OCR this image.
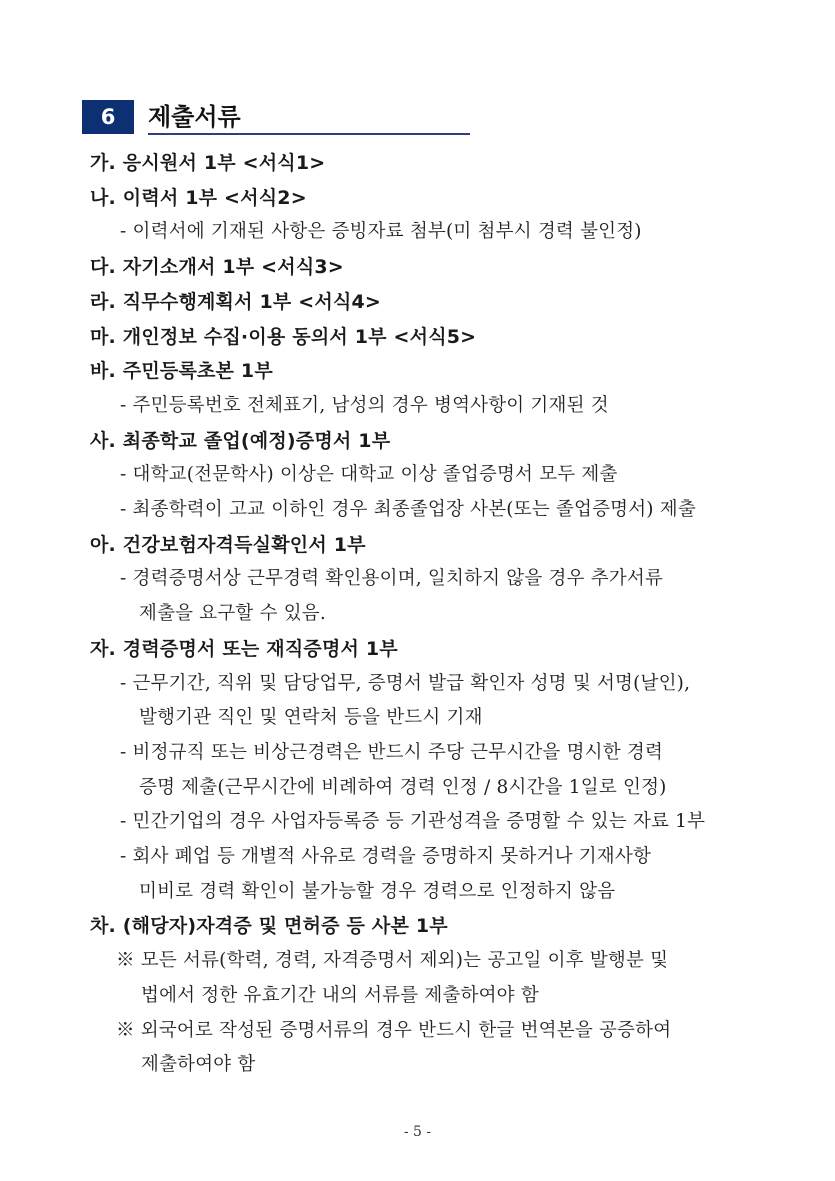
6	제출서류
가. 응시원서 1부 <서식1>
나. 이력서 1부 <서식2>
- 이력서에 기재된 사항은 증빙자료 첨부(미 첨부시 경력 불인정)
다. 자기소개서 1부 <서식3>
라. 직무수행계획서 1부 <서식4>
마. 개인정보 수집·이용 동의서 1부 <서식5>
바. 주민등록초본 1부
- 주민등록번호 전체표기, 남성의 경우 병역사항이 기재된 것
사. 최종학교 졸업(예정)증명서 1부
- 대학교(전문학사) 이상은 대학교 이상 졸업증명서 모두 제출
- 최종학력이 고교 이하인 경우 최종졸업장 사본(또는 졸업증명서) 제출
아. 건강보험자격득실확인서 1부
- 경력증명서상 근무경력 확인용이며, 일치하지 않을 경우 추가서류
제출을 요구할 수 있음.
자. 경력증명서 또는 재직증명서 1부
- 근무기간, 직위 및 담당업무, 증명서 발급 확인자 성명 및 서명(날인),
발행기관 직인 및 연락처 등을 반드시 기재
- 비정규직 또는 비상근경력은 반드시 주당 근무시간을 명시한 경력
증명 제출(근무시간에 비례하여 경력 인정 / 8시간을 1일로 인정)
- 민간기업의 경우 사업자등록증 등 기관성격을 증명할 수 있는 자료 1부
- 회사 폐업 등 개별적 사유로 경력을 증명하지 못하거나 기재사항
미비로 경력 확인이 불가능할 경우 경력으로 인정하지 않음
차. (해당자)자격증 및 면허증 등 사본 1부
※ 모든 서류(학력, 경력, 자격증명서 제외)는 공고일 이후 발행분 및
법에서 정한 유효기간 내의 서류를 제출하여야 함
※ 외국어로 작성된 증명서류의 경우 반드시 한글 번역본을 공증하여
제출하여야 함
- 5 -
